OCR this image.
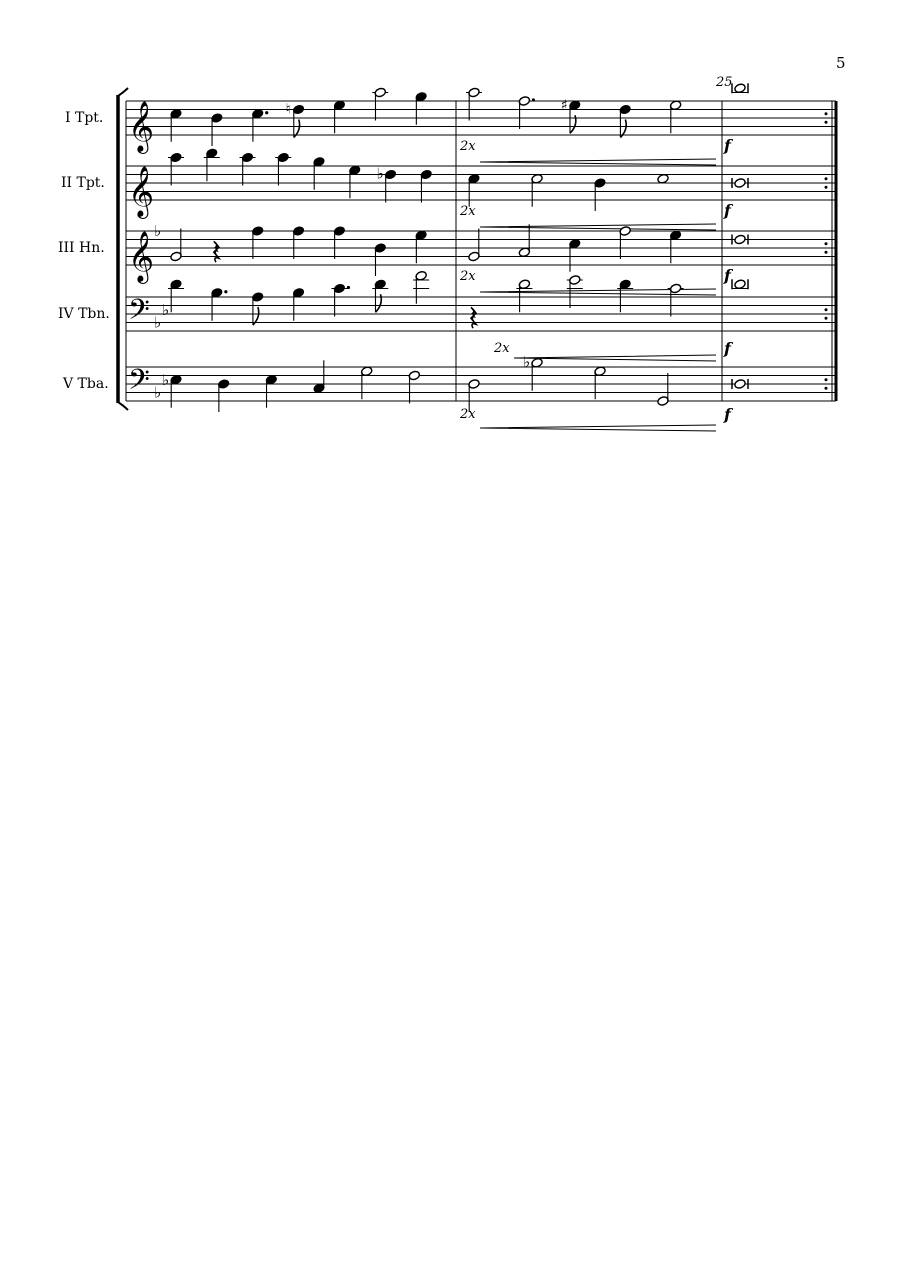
5
25
I Tpt.
II Tpt.
III Hn.
IV Tbn.
V Tba.
2x
2x
2x
2x
2x
f
f
f
f
f
𝄞	♮	♯
𝄞	♭
𝄞 ♭
𝄽
𝄢 ♭
♭	𝄽
𝄢 ♭
♭
♭
